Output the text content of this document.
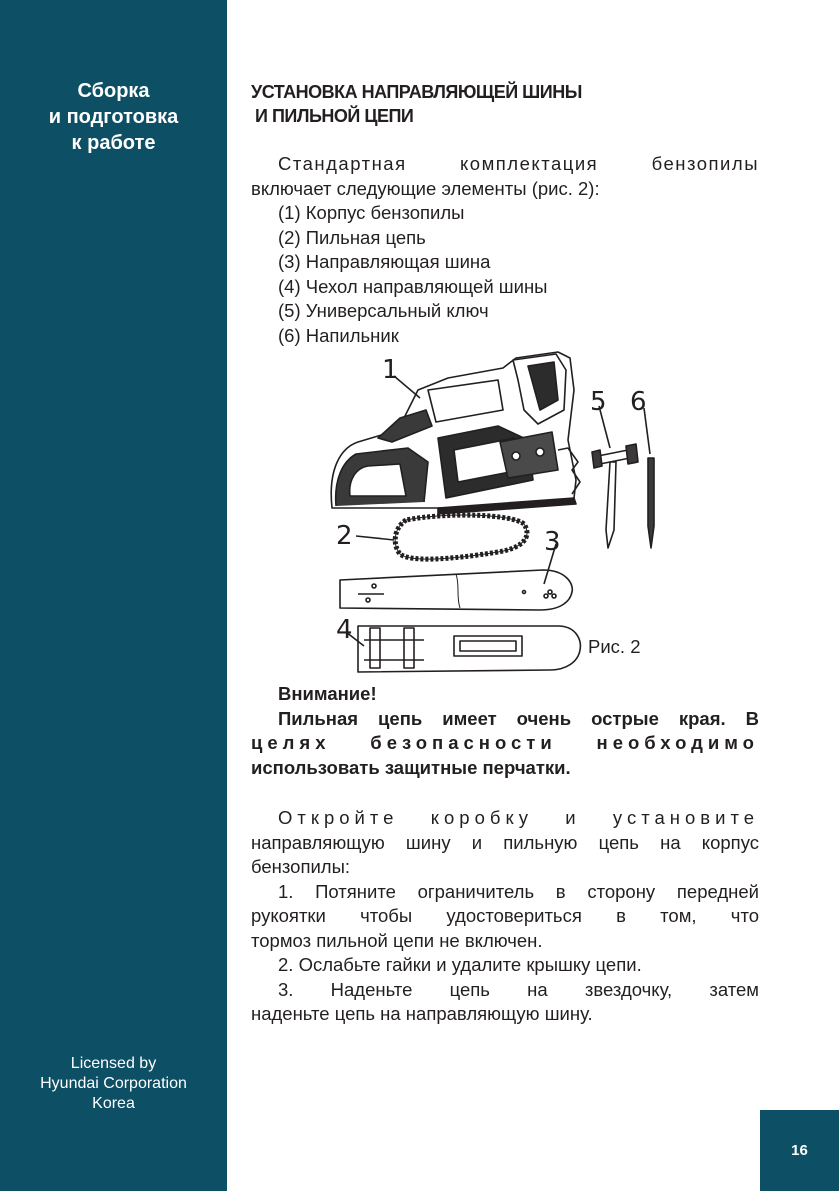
Сборка
и подготовка
к работе
Licensed by
Hyundai Corporation
Korea
16
УСТАНОВКА НАПРАВЛЯЮЩЕЙ ШИНЫ
И ПИЛЬНОЙ ЦЕПИ
Стандартная комплектация бензопилы
включает следующие элементы (рис. 2):
(1) Корпус бензопилы
(2) Пильная цепь
(3) Направляющая шина
(4) Чехол направляющей шины
(5) Универсальный ключ
(6) Напильник
1
2	3
4
5 6
Рис. 2
Внимание!
Пильная цепь имеет очень острые края. В
целях безопасности необходимо
использовать защитные перчатки.
Откройте коробку и установите
направляющую шину и пильную цепь на корпус
бензопилы:
1. Потяните ограничитель в сторону передней
рукоятки чтобы удостовериться в том, что
тормоз пильной цепи не включен.
2. Ослабьте гайки и удалите крышку цепи.
3. Наденьте цепь на звездочку, затем
наденьте цепь на направляющую шину.
